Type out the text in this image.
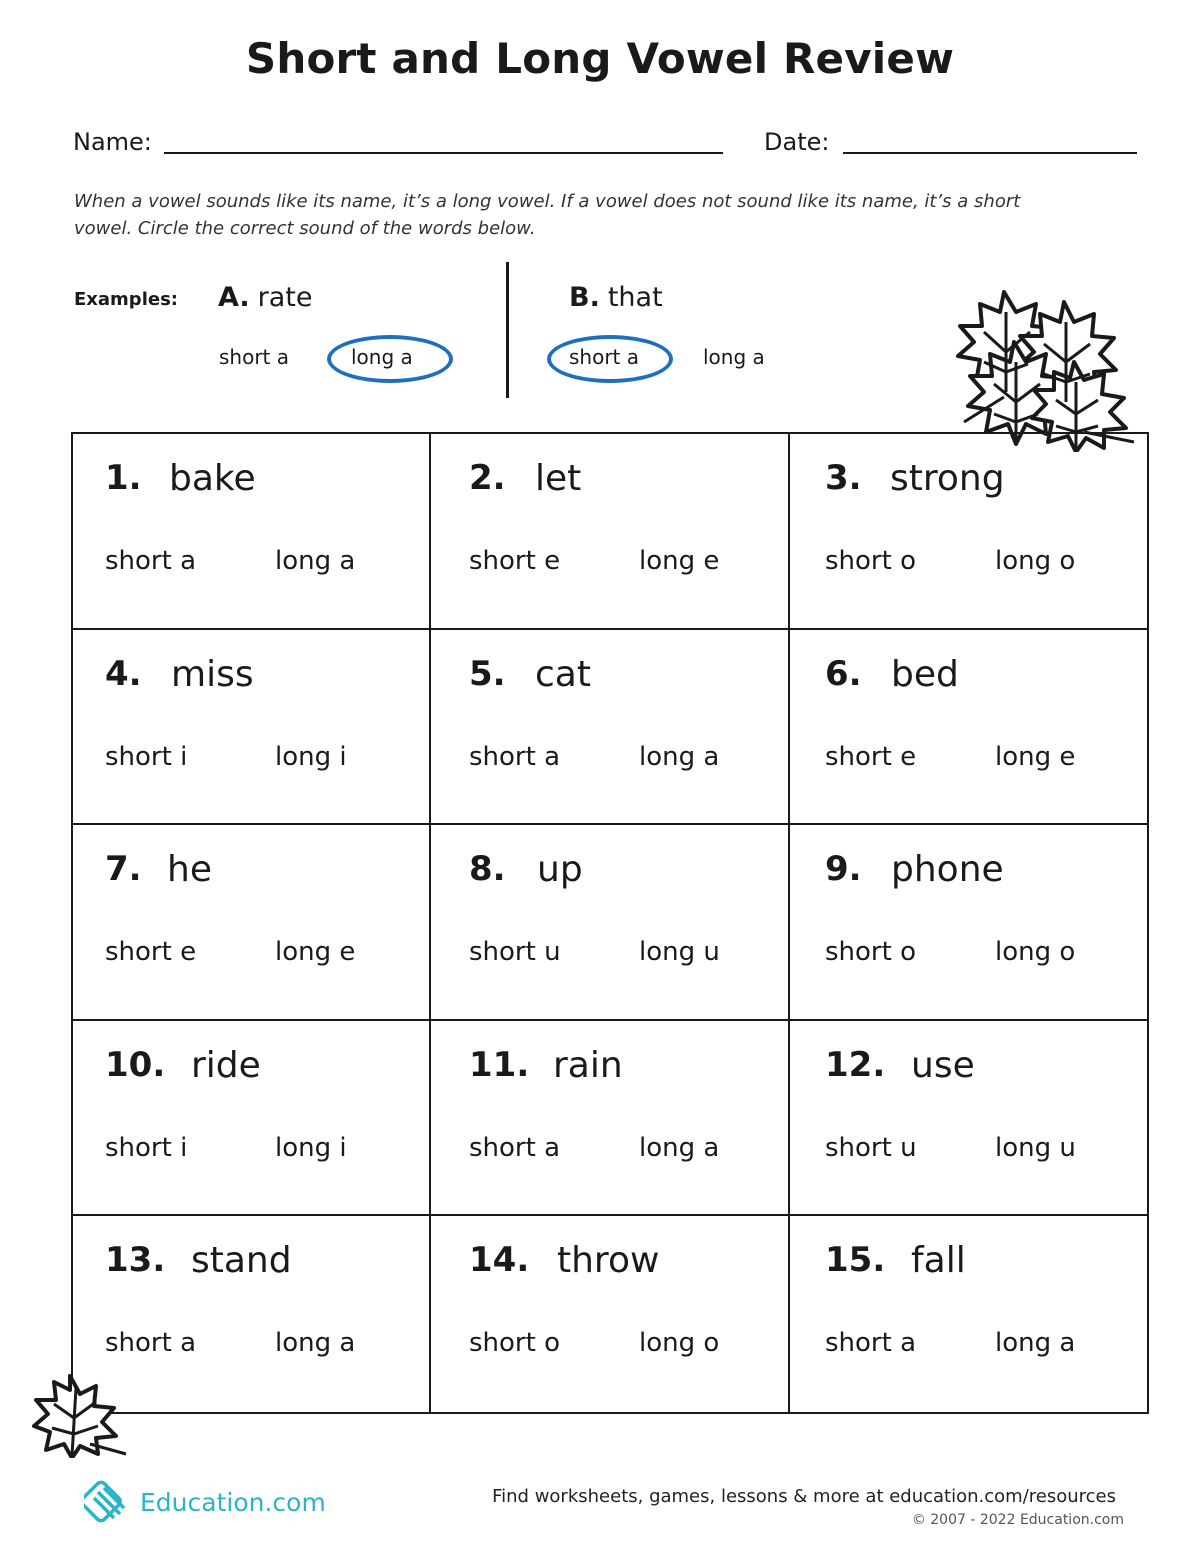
Short and Long Vowel Review
Name:	Date:
When a vowel sounds like its name, it’s a long vowel. If a vowel does not sound like its name, it’s a short vowel. Circle the correct sound of the words below.
Examples: A. rate
short a	long a
B. that
short a	long a
1. bake
short a	long a
2. let
short e	long e
3. strong
short o	long o
4. miss
short i	long i
5. cat
short a	long a
6. bed
short e	long e
7. he
short e	long e
8. up
short u	long u
9. phone
short o	long o
10. ride
short i	long i
11. rain
short a	long a
12. use
short u	long u
13. stand
short a	long a
14. throw
short o	long o
15. fall
short a	long a
Education.com	Find worksheets, games, lessons & more at education.com/resources
© 2007 - 2022 Education.com
